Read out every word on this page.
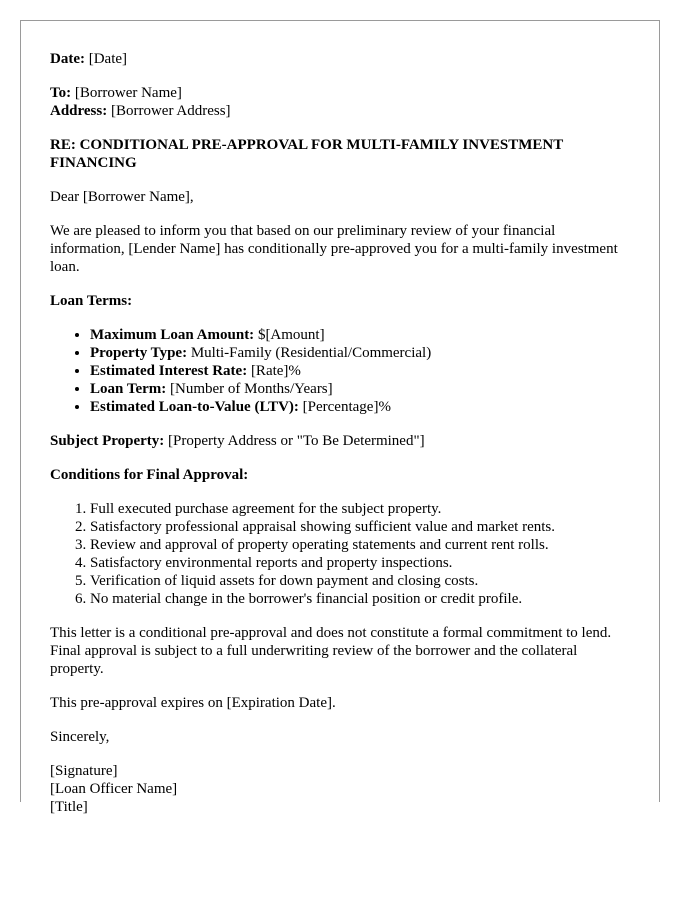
Date: [Date]

To: [Borrower Name]
Address: [Borrower Address]

RE: CONDITIONAL PRE-APPROVAL FOR MULTI-FAMILY INVESTMENT FINANCING

Dear [Borrower Name],

We are pleased to inform you that based on our preliminary review of your financial information, [Lender Name] has conditionally pre-approved you for a multi-family investment loan.

Loan Terms:

• Maximum Loan Amount: $[Amount]
• Property Type: Multi-Family (Residential/Commercial)
• Estimated Interest Rate: [Rate]%
• Loan Term: [Number of Months/Years]
• Estimated Loan-to-Value (LTV): [Percentage]%

Subject Property: [Property Address or "To Be Determined"]

Conditions for Final Approval:

1. Full executed purchase agreement for the subject property.
2. Satisfactory professional appraisal showing sufficient value and market rents.
3. Review and approval of property operating statements and current rent rolls.
4. Satisfactory environmental reports and property inspections.
5. Verification of liquid assets for down payment and closing costs.
6. No material change in the borrower's financial position or credit profile.

This letter is a conditional pre-approval and does not constitute a formal commitment to lend. Final approval is subject to a full underwriting review of the borrower and the collateral property.

This pre-approval expires on [Expiration Date].

Sincerely,

[Signature]
[Loan Officer Name]
[Title]
